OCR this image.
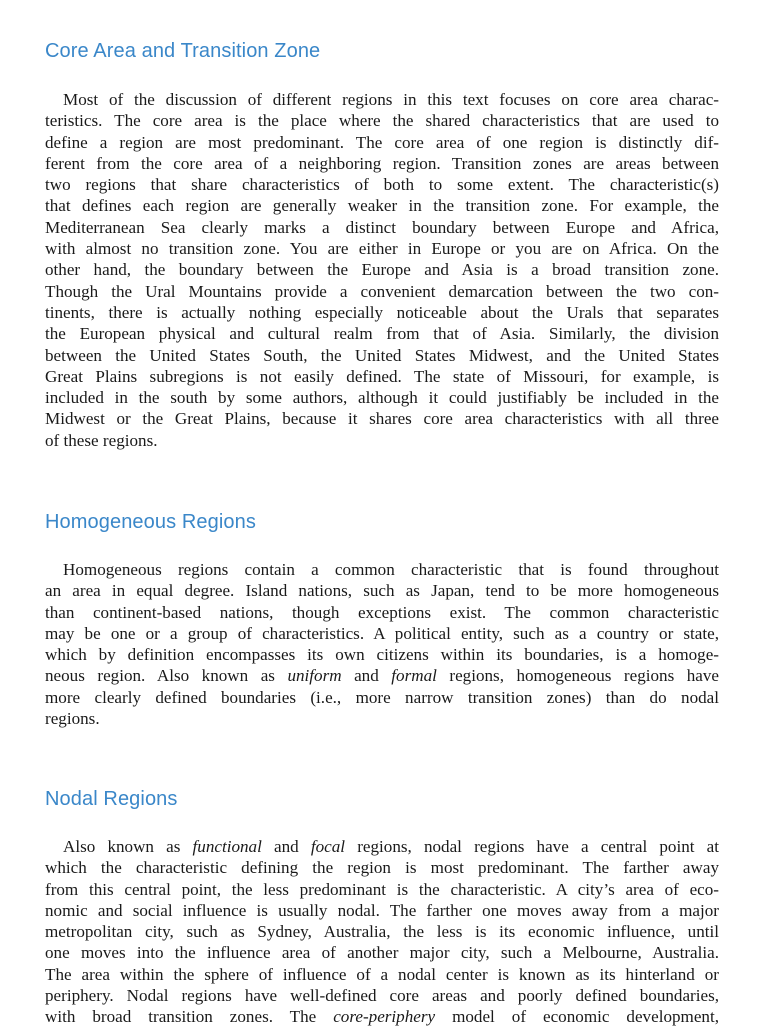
Core Area and Transition Zone
Most of the discussion of different regions in this text focuses on core area charac-
teristics. The core area is the place where the shared characteristics that are used to
define a region are most predominant. The core area of one region is distinctly dif-
ferent from the core area of a neighboring region. Transition zones are areas between
two regions that share characteristics of both to some extent. The characteristic(s)
that defines each region are generally weaker in the transition zone. For example, the
Mediterranean Sea clearly marks a distinct boundary between Europe and Africa,
with almost no transition zone. You are either in Europe or you are on Africa. On the
other hand, the boundary between the Europe and Asia is a broad transition zone.
Though the Ural Mountains provide a convenient demarcation between the two con-
tinents, there is actually nothing especially noticeable about the Urals that separates
the European physical and cultural realm from that of Asia. Similarly, the division
between the United States South, the United States Midwest, and the United States
Great Plains subregions is not easily defined. The state of Missouri, for example, is
included in the south by some authors, although it could justifiably be included in the
Midwest or the Great Plains, because it shares core area characteristics with all three
of these regions.
Homogeneous Regions
Homogeneous regions contain a common characteristic that is found throughout
an area in equal degree. Island nations, such as Japan, tend to be more homogeneous
than continent-based nations, though exceptions exist. The common characteristic
may be one or a group of characteristics. A political entity, such as a country or state,
which by definition encompasses its own citizens within its boundaries, is a homoge-
neous region. Also known as uniform and formal regions, homogeneous regions have
more clearly defined boundaries (i.e., more narrow transition zones) than do nodal
regions.
Nodal Regions
Also known as functional and focal regions, nodal regions have a central point at
which the characteristic defining the region is most predominant. The farther away
from this central point, the less predominant is the characteristic. A city’s area of eco-
nomic and social influence is usually nodal. The farther one moves away from a major
metropolitan city, such as Sydney, Australia, the less is its economic influence, until
one moves into the influence area of another major city, such a Melbourne, Australia.
The area within the sphere of influence of a nodal center is known as its hinterland or
periphery. Nodal regions have well-defined core areas and poorly defined boundaries,
with broad transition zones. The core-periphery model of economic development,
